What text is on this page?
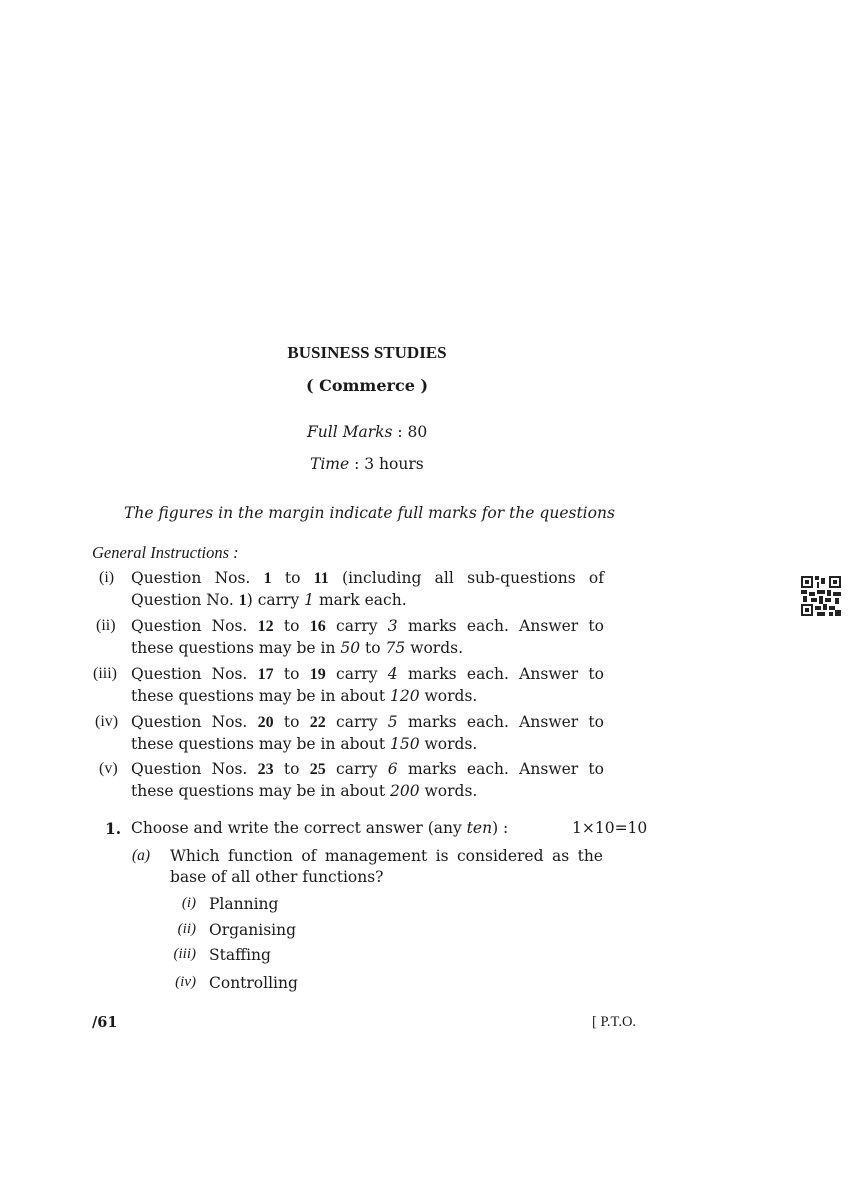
BUSINESS STUDIES
( Commerce )
Full Marks : 80
Time : 3 hours
The figures in the margin indicate full marks for the questions
General Instructions :
(i) Question Nos. 1 to 11 (including all sub-questions of
Question No. 1) carry 1 mark each.
(ii) Question Nos. 12 to 16 carry 3 marks each. Answer to
these questions may be in 50 to 75 words.
(iii) Question Nos. 17 to 19 carry 4 marks each. Answer to
these questions may be in about 120 words.
(iv) Question Nos. 20 to 22 carry 5 marks each. Answer to
these questions may be in about 150 words.
(v) Question Nos. 23 to 25 carry 6 marks each. Answer to
these questions may be in about 200 words.
1. Choose and write the correct answer (any ten) :	1×10=10
(a) Which function of management is considered as the
base of all other functions?
(i) Planning
(ii) Organising
(iii) Staffing
(iv) Controlling
/61	[ P.T.O.
